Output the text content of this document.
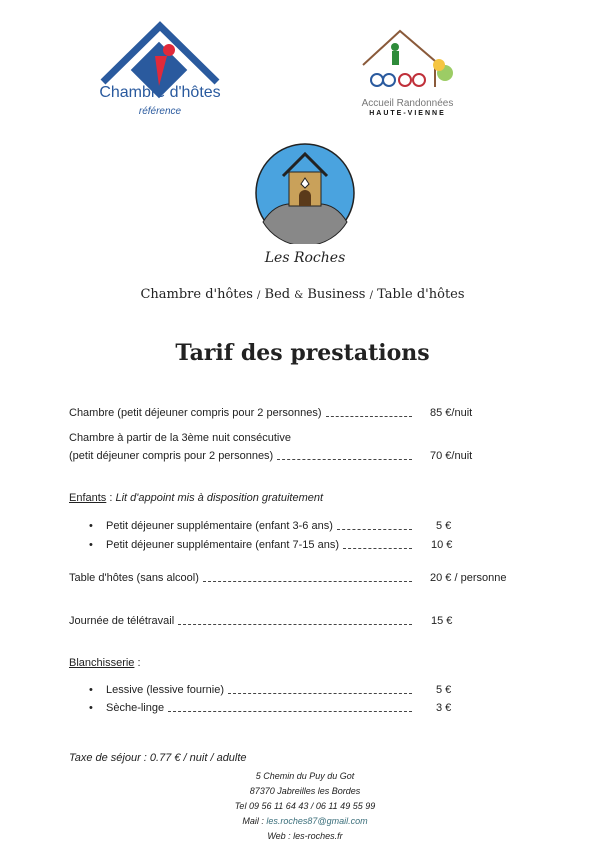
Chambre d'hôtes
référence
Accueil Randonnées
HAUTE-VIENNE
Les Roches
Chambre d'hôtes / Bed & Business / Table d'hôtes
Tarif des prestations
Chambre (petit déjeuner compris pour 2 personnes)	85 €/nuit
Chambre à partir de la 3ème nuit consécutive
(petit déjeuner compris pour 2 personnes)	70 €/nuit
Enfants : Lit d'appoint mis à disposition gratuitement
• Petit déjeuner supplémentaire (enfant 3-6 ans)	5 €
• Petit déjeuner supplémentaire (enfant 7-15 ans)	10 €
Table d'hôtes (sans alcool)	20 € / personne
Journée de télétravail	15 €
Blanchisserie :
• Lessive (lessive fournie)	5 €
• Sèche-linge	3 €
Taxe de séjour : 0.77 € / nuit / adulte
5 Chemin du Puy du Got
87370 Jabreilles les Bordes
Tel 09 56 11 64 43 / 06 11 49 55 99
Mail : les.roches87@gmail.com
Web : les-roches.fr
